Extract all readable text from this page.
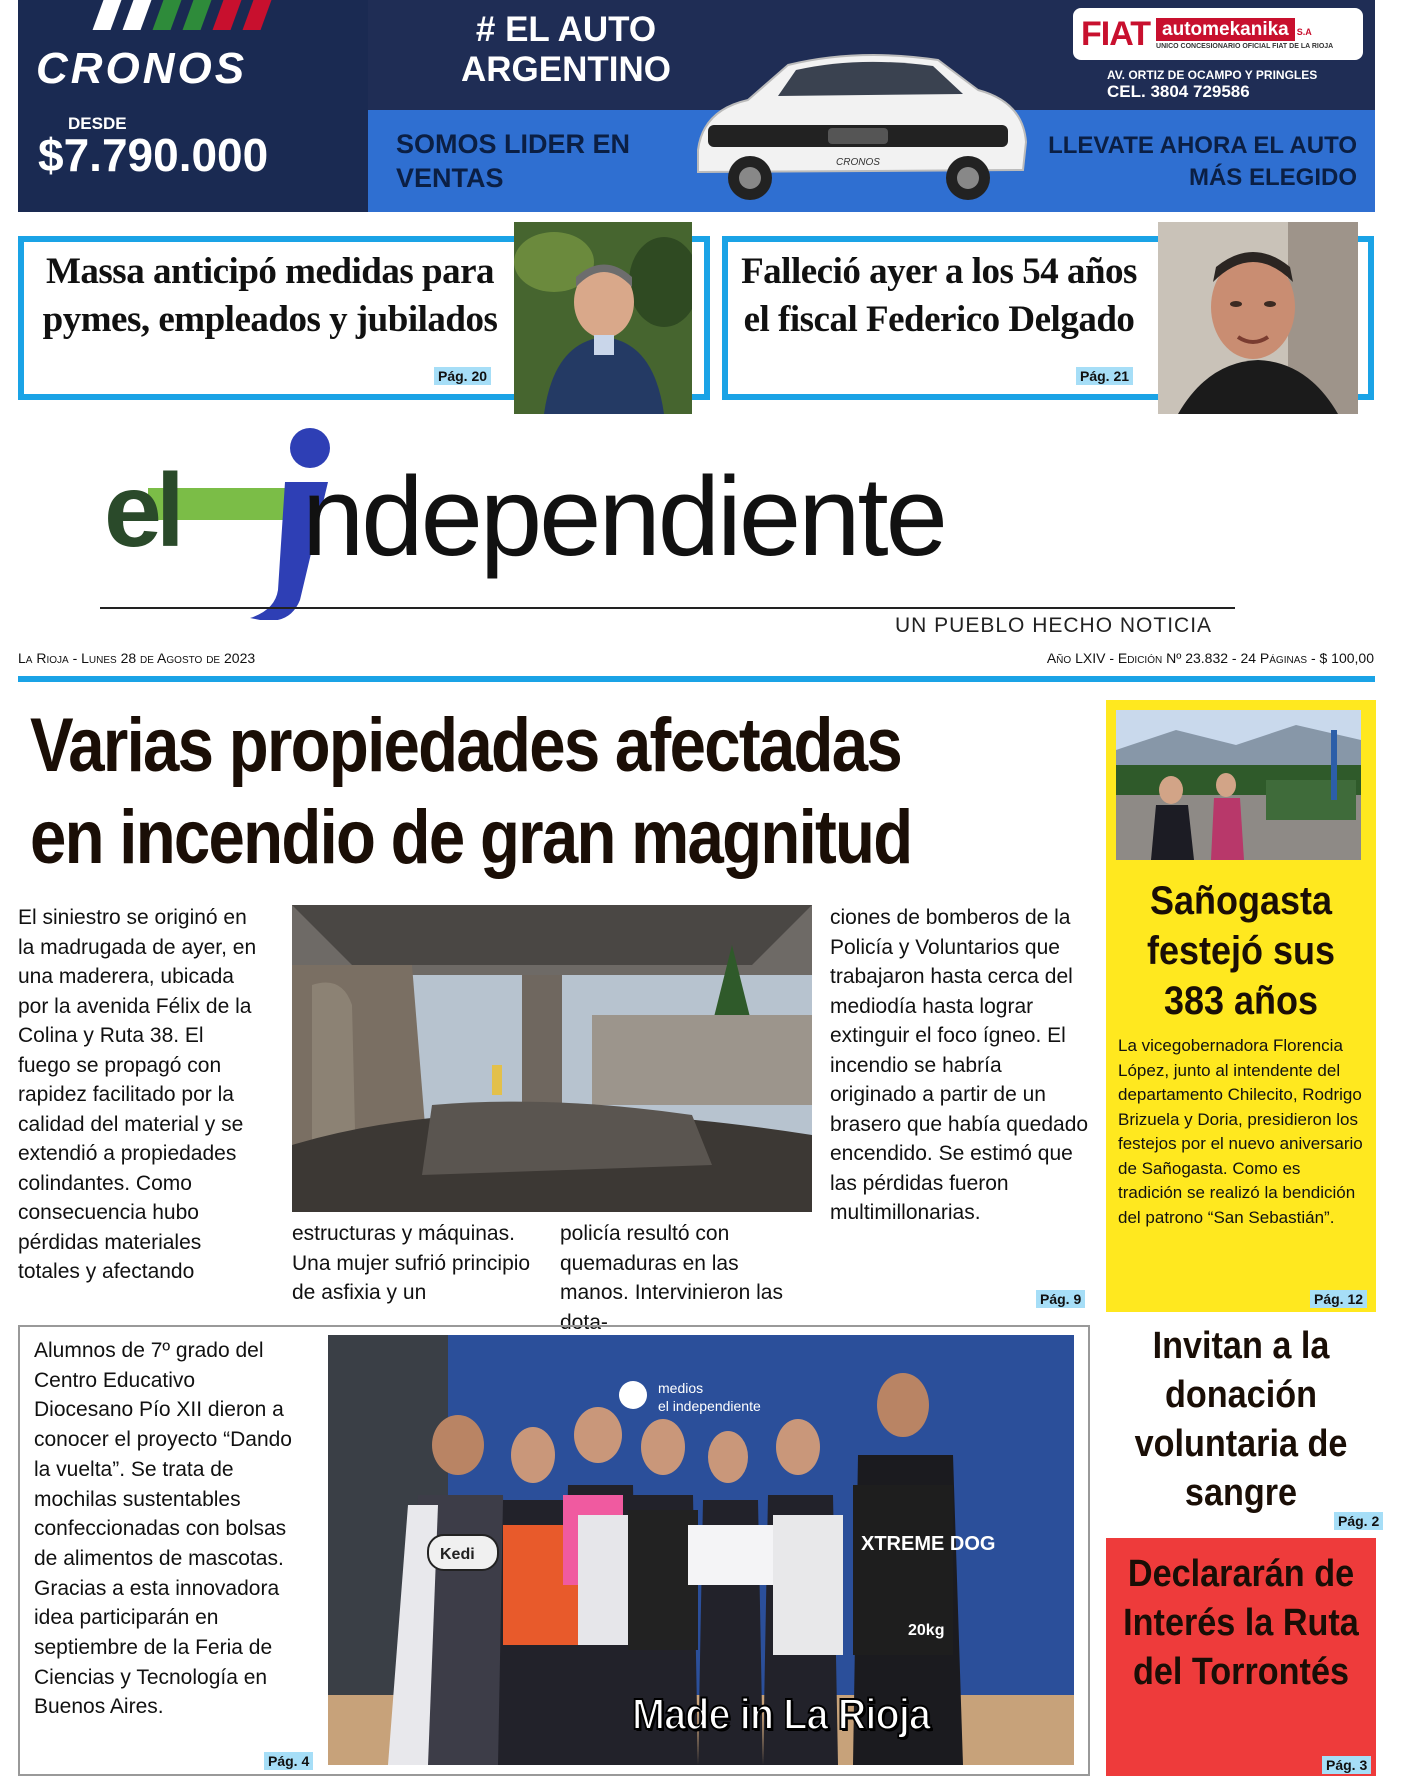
CRONOS
DESDE
$7.790.000
# EL AUTO ARGENTINO
SOMOS LIDER EN VENTAS
CRONOS
FIAT automekanika S.A
UNICO CONCESIONARIO OFICIAL FIAT DE LA RIOJA
AV. ORTIZ DE OCAMPO Y PRINGLES
CEL. 3804 729586
LLEVATE AHORA EL AUTO MÁS ELEGIDO
Massa anticipó medidas para pymes, empleados y jubilados
Pág. 20
Falleció ayer a los 54 años el fiscal Federico Delgado
Pág. 21
el ndependiente
UN PUEBLO HECHO NOTICIA
La Rioja - Lunes 28 de Agosto de 2023	Año LXIV - Edición Nº 23.832 - 24 Páginas - $ 100,00
Varias propiedades afectadas
en incendio de gran magnitud
El siniestro se originó en la madrugada de ayer, en una maderera, ubicada por la avenida Félix de la Colina y Ruta 38. El fuego se propagó con rapidez facilitado por la calidad del material y se extendió a propiedades colindantes. Como consecuencia hubo pérdidas materiales totales y afectando
estructuras y máquinas. Una mujer sufrió principio de asfixia y un
policía resultó con quemaduras en las manos. Intervinieron las dota-
ciones de bomberos de la Policía y Voluntarios que trabajaron hasta cerca del mediodía hasta lograr extinguir el foco ígneo. El incendio se habría originado a partir de un brasero que había quedado encendido. Se estimó que las pérdidas fueron multimillonarias.
Pág. 9
Sañogasta festejó sus 383 años
La vicegobernadora Florencia López, junto al intendente del departamento Chilecito, Rodrigo Brizuela y Doria, presidieron los festejos por el nuevo aniversario de Sañogasta. Como es tradición se realizó la bendición del patrono “San Sebastián”.
Pág. 12
Invitan a la donación voluntaria de sangre
Pág. 2
Declararán de Interés la Ruta del Torrontés
Pág. 3
Alumnos de 7º grado del Centro Educativo Diocesano Pío XII dieron a conocer el proyecto “Dando la vuelta”. Se trata de mochilas sustentables confeccionadas con bolsas de alimentos de mascotas. Gracias a esta innovadora idea participarán en septiembre de la Feria de Ciencias y Tecnología en Buenos Aires.
Pág. 4
medios
el independiente
Kedi	XTREME DOG
20kg
Made in La Rioja
